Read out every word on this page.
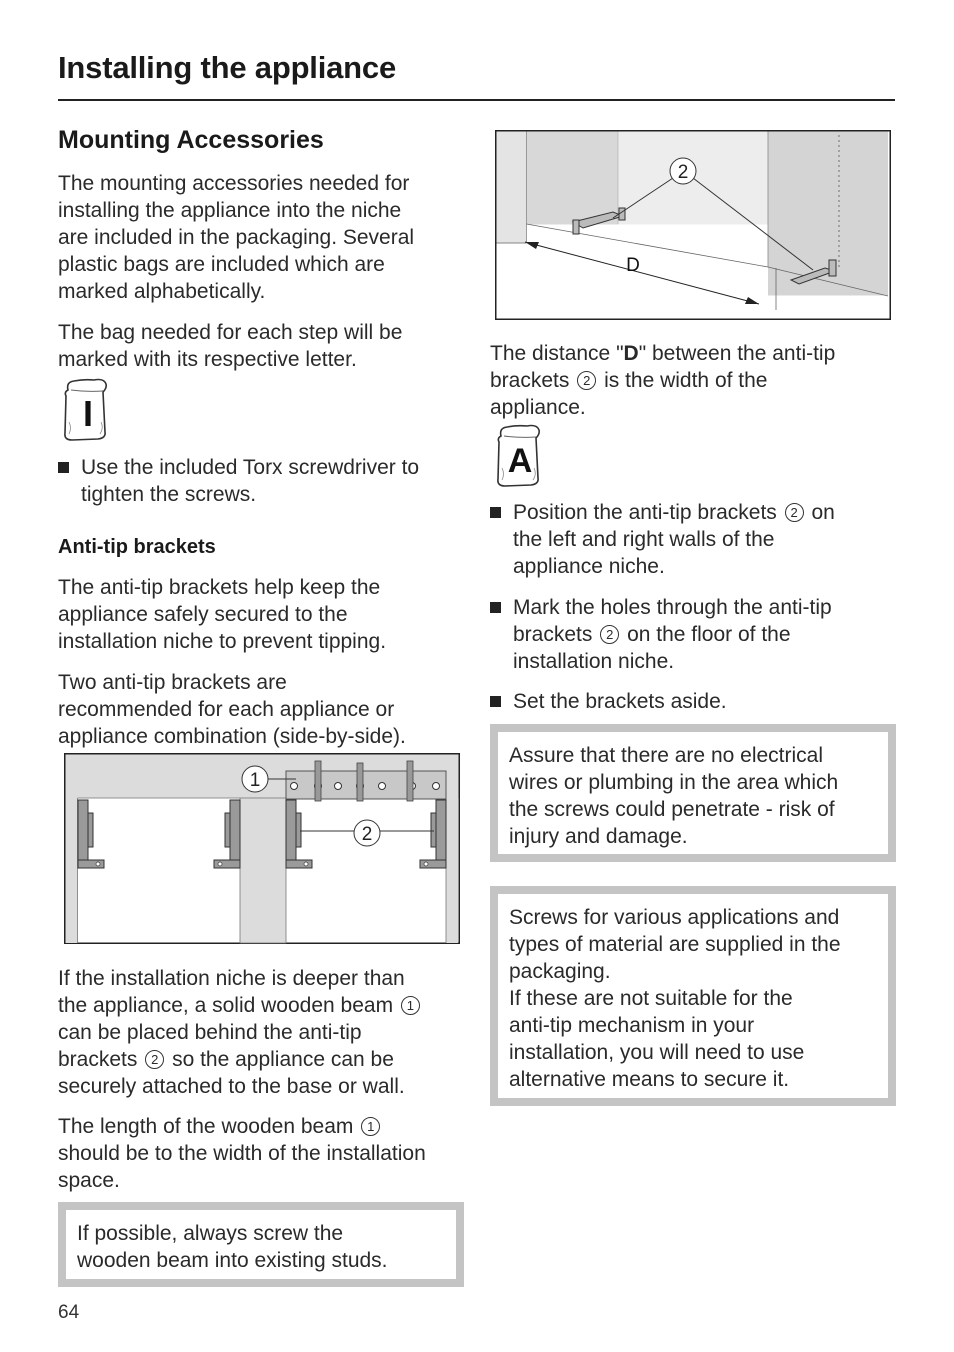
Installing the appliance
Mounting Accessories
The mounting accessories needed for
installing the appliance into the niche
are included in the packaging. Several
plastic bags are included which are
marked alphabetically.
The bag needed for each step will be
marked with its respective letter.
I
Use the included Torx screwdriver to
tighten the screws.
Anti-tip brackets
The anti-tip brackets help keep the
appliance safely secured to the
installation niche to prevent tipping.
Two anti-tip brackets are
recommended for each appliance or
appliance combination (side-by-side).
1
2
If the installation niche is deeper than
the appliance, a solid wooden beam 1
can be placed behind the anti-tip
brackets 2 so the appliance can be
securely attached to the base or wall.
The length of the wooden beam 1
should be to the width of the installation
space.
If possible, always screw the
wooden beam into existing studs.
64
D
2
The distance "D" between the anti-tip
brackets 2 is the width of the
appliance.
A
Position the anti-tip brackets 2 on
the left and right walls of the
appliance niche.
Mark the holes through the anti-tip
brackets 2 on the floor of the
installation niche.
Set the brackets aside.
Assure that there are no electrical
wires or plumbing in the area which
the screws could penetrate - risk of
injury and damage.
Screws for various applications and
types of material are supplied in the
packaging.
If these are not suitable for the
anti-tip mechanism in your
installation, you will need to use
alternative means to secure it.
